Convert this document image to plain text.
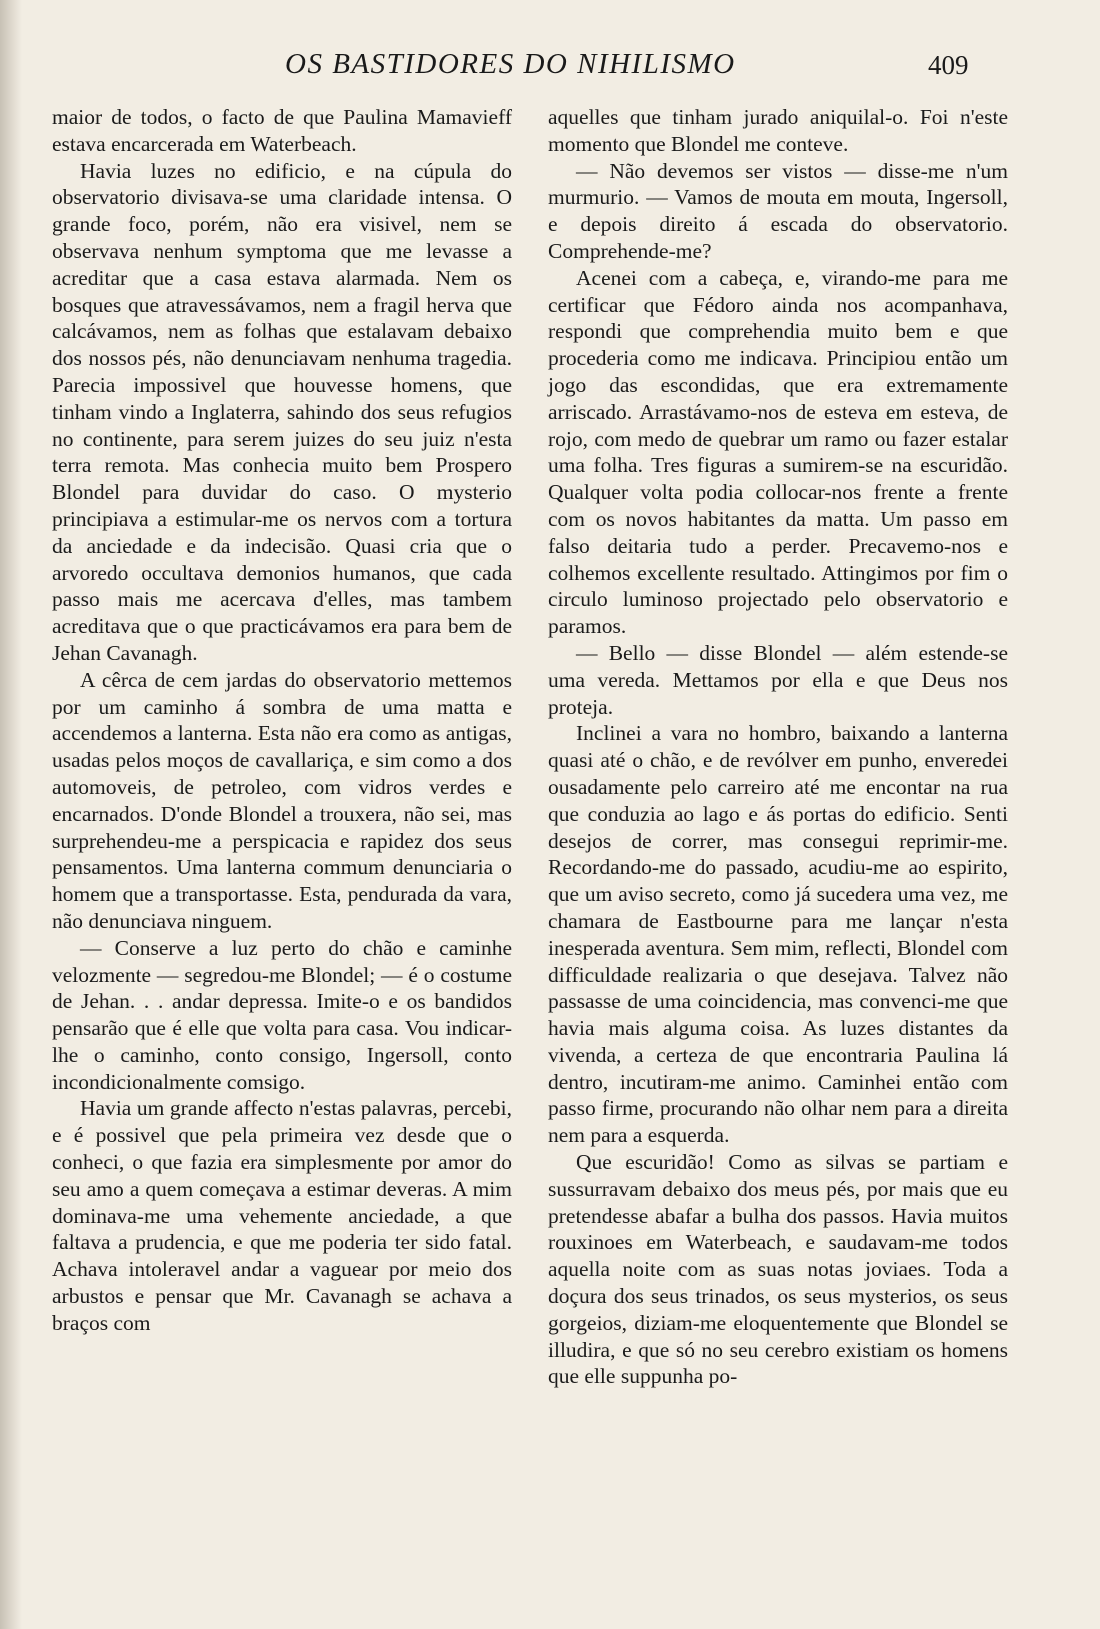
OS BASTIDORES DO NIHILISMO	409

maior de todos, o facto de que Paulina Mamavieff estava encarcerada em Waterbeach.

Havia luzes no edificio, e na cúpula do observatorio divisava-se uma claridade intensa. O grande foco, porém, não era visivel, nem se observava nenhum symptoma que me levasse a acreditar que a casa estava alarmada. Nem os bosques que atravessávamos, nem a fragil herva que calcávamos, nem as folhas que estalavam debaixo dos nossos pés, não denunciavam nenhuma tragedia. Parecia impossivel que houvesse homens, que tinham vindo a Inglaterra, sahindo dos seus refugios no continente, para serem juizes do seu juiz n'esta terra remota. Mas conhecia muito bem Prospero Blondel para duvidar do caso. O mysterio principiava a estimular-me os nervos com a tortura da anciedade e da indecisão. Quasi cria que o arvoredo occultava demonios humanos, que cada passo mais me acercava d'elles, mas tambem acreditava que o que practicávamos era para bem de Jehan Cavanagh.

A cêrca de cem jardas do observatorio mettemos por um caminho á sombra de uma matta e accendemos a lanterna. Esta não era como as antigas, usadas pelos moços de cavallariça, e sim como a dos automoveis, de petroleo, com vidros verdes e encarnados. D'onde Blondel a trouxera, não sei, mas surprehendeu-me a perspicacia e rapidez dos seus pensamentos. Uma lanterna commum denunciaria o homem que a transportasse. Esta, pendurada da vara, não denunciava ninguem.

— Conserve a luz perto do chão e caminhe velozmente — segredou-me Blondel; — é o costume de Jehan. . . andar depressa. Imite-o e os bandidos pensarão que é elle que volta para casa. Vou indicar-lhe o caminho, conto consigo, Ingersoll, conto incondicionalmente comsigo.

Havia um grande affecto n'estas palavras, percebi, e é possivel que pela primeira vez desde que o conheci, o que fazia era simplesmente por amor do seu amo a quem começava a estimar deveras. A mim dominava-me uma vehemente anciedade, a que faltava a prudencia, e que me poderia ter sido fatal. Achava intoleravel andar a vaguear por meio dos arbustos e pensar que Mr. Cavanagh se achava a braços com

aquelles que tinham jurado aniquilal-o. Foi n'este momento que Blondel me conteve.

— Não devemos ser vistos — disse-me n'um murmurio. — Vamos de mouta em mouta, Ingersoll, e depois direito á escada do observatorio. Comprehende-me?

Acenei com a cabeça, e, virando-me para me certificar que Fédoro ainda nos acompanhava, respondi que comprehendia muito bem e que procederia como me indicava. Principiou então um jogo das escondidas, que era extremamente arriscado. Arrastávamo-nos de esteva em esteva, de rojo, com medo de quebrar um ramo ou fazer estalar uma folha. Tres figuras a sumirem-se na escuridão. Qualquer volta podia collocar-nos frente a frente com os novos habitantes da matta. Um passo em falso deitaria tudo a perder. Precavemo-nos e colhemos excellente resultado. Attingimos por fim o circulo luminoso projectado pelo observatorio e paramos.

— Bello — disse Blondel — além estende-se uma vereda. Mettamos por ella e que Deus nos proteja.

Inclinei a vara no hombro, baixando a lanterna quasi até o chão, e de revólver em punho, enveredei ousadamente pelo carreiro até me encontar na rua que conduzia ao lago e ás portas do edificio. Senti desejos de correr, mas consegui reprimir-me. Recordando-me do passado, acudiu-me ao espirito, que um aviso secreto, como já sucedera uma vez, me chamara de Eastbourne para me lançar n'esta inesperada aventura. Sem mim, reflecti, Blondel com difficuldade realizaria o que desejava. Talvez não passasse de uma coincidencia, mas convenci-me que havia mais alguma coisa. As luzes distantes da vivenda, a certeza de que encontraria Paulina lá dentro, incutiram-me animo. Caminhei então com passo firme, procurando não olhar nem para a direita nem para a esquerda.

Que escuridão! Como as silvas se partiam e sussurravam debaixo dos meus pés, por mais que eu pretendesse abafar a bulha dos passos. Havia muitos rouxinoes em Waterbeach, e saudavam-me todos aquella noite com as suas notas joviaes. Toda a doçura dos seus trinados, os seus mysterios, os seus gorgeios, diziam-me eloquentemente que Blondel se illudira, e que só no seu cerebro existiam os homens que elle suppunha po-
